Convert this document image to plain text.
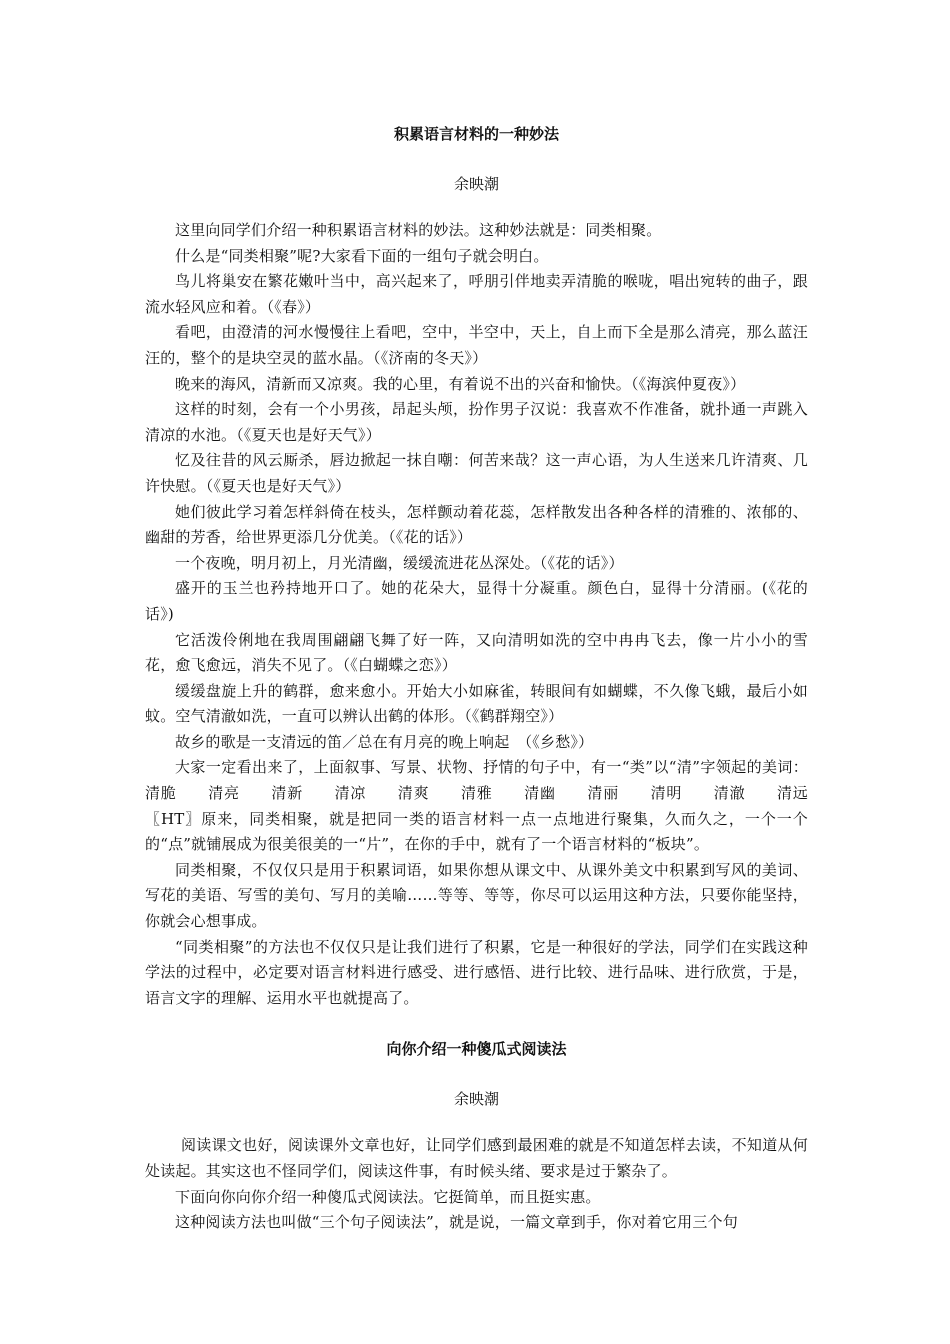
积累语言材料的一种妙法

余映潮

这里向同学们介绍一种积累语言材料的妙法。这种妙法就是：同类相聚。

什么是“同类相聚”呢?大家看下面的一组句子就会明白。

鸟儿将巢安在繁花嫩叶当中，高兴起来了，呼朋引伴地卖弄清脆的喉咙，唱出宛转的曲子，跟流水轻风应和着。（《春》）

看吧，由澄清的河水慢慢往上看吧，空中，半空中，天上，自上而下全是那么清亮，那么蓝汪汪的，整个的是块空灵的蓝水晶。（《济南的冬天》）

晚来的海风，清新而又凉爽。我的心里，有着说不出的兴奋和愉快。（《海滨仲夏夜》）

这样的时刻，会有一个小男孩，昂起头颅，扮作男子汉说：我喜欢不作准备，就扑通一声跳入清凉的水池。（《夏天也是好天气》）

忆及往昔的风云厮杀，唇边掀起一抹自嘲：何苦来哉？这一声心语，为人生送来几许清爽、几许快慰。（《夏天也是好天气》）

她们彼此学习着怎样斜倚在枝头，怎样颤动着花蕊，怎样散发出各种各样的清雅的、浓郁的、幽甜的芳香，给世界更添几分优美。（《花的话》）

一个夜晚，明月初上，月光清幽，缓缓流进花丛深处。（《花的话》）

盛开的玉兰也矜持地开口了。她的花朵大，显得十分凝重。颜色白，显得十分清丽。(《花的话》)

它活泼伶俐地在我周围翩翩飞舞了好一阵，又向清明如洗的空中冉冉飞去，像一片小小的雪花，愈飞愈远，消失不见了。（《白蝴蝶之恋》）

缓缓盘旋上升的鹤群，愈来愈小。开始大小如麻雀，转眼间有如蝴蝶，不久像飞蛾，最后小如蚊。空气清澈如洗，一直可以辨认出鹤的体形。（《鹤群翔空》）

故乡的歌是一支清远的笛／总在有月亮的晚上响起　（《乡愁》）

大家一定看出来了，上面叙事、写景、状物、抒情的句子中，有一“类”以“清”字领起的美词：清脆　　清亮　　清新　　清凉　　清爽　　清雅　　清幽　　清丽　　清明　　清澈　　清远〖HT〗原来，同类相聚，就是把同一类的语言材料一点一点地进行聚集，久而久之，一个一个的“点”就铺展成为很美很美的一“片”，在你的手中，就有了一个语言材料的“板块”。

同类相聚，不仅仅只是用于积累词语，如果你想从课文中、从课外美文中积累到写风的美词、写花的美语、写雪的美句、写月的美喻……等等、等等，你尽可以运用这种方法，只要你能坚持，你就会心想事成。

“同类相聚”的方法也不仅仅只是让我们进行了积累，它是一种很好的学法，同学们在实践这种学法的过程中，必定要对语言材料进行感受、进行感悟、进行比较、进行品味、进行欣赏，于是，语言文字的理解、运用水平也就提高了。

向你介绍一种傻瓜式阅读法

余映潮

阅读课文也好，阅读课外文章也好，让同学们感到最困难的就是不知道怎样去读，不知道从何处读起。其实这也不怪同学们，阅读这件事，有时候头绪、要求是过于繁杂了。

下面向你向你介绍一种傻瓜式阅读法。它挺简单，而且挺实惠。

这种阅读方法也叫做“三个句子阅读法”，就是说，一篇文章到手，你对着它用三个句
